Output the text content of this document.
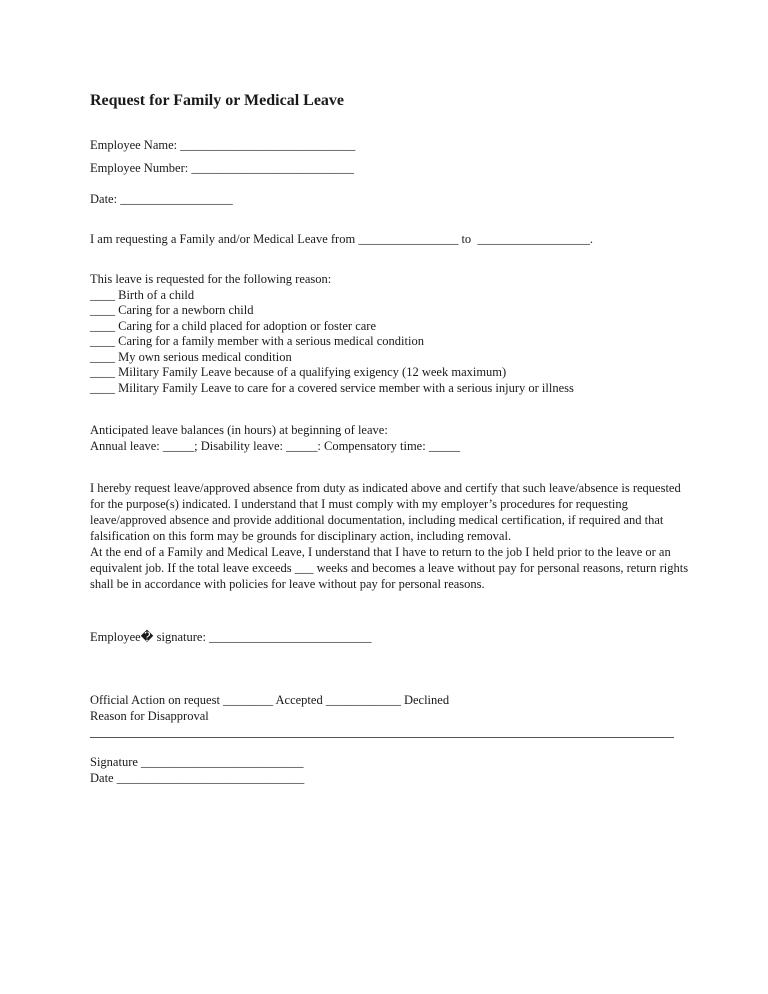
Request for Family or Medical Leave
Employee Name: ____________________________
Employee Number: __________________________
Date: __________________
I am requesting a Family and/or Medical Leave from ________________ to __________________.
This leave is requested for the following reason:
____ Birth of a child
____ Caring for a newborn child
____ Caring for a child placed for adoption or foster care
____ Caring for a family member with a serious medical condition
____ My own serious medical condition
____ Military Family Leave because of a qualifying exigency (12 week maximum)
____ Military Family Leave to care for a covered service member with a serious injury or illness
Anticipated leave balances (in hours) at beginning of leave:
Annual leave: _____; Disability leave: _____: Compensatory time: _____

I hereby request leave/approved absence from duty as indicated above and certify that such leave/absence is requested for the purpose(s) indicated. I understand that I must comply with my employer’s procedures for requesting leave/approved absence and provide additional documentation, including medical certification, if required and that falsification on this form may be grounds for disciplinary action, including removal.

At the end of a Family and Medical Leave, I understand that I have to return to the job I held prior to the leave or an equivalent job. If the total leave exceeds ___ weeks and becomes a leave without pay for personal reasons, return rights shall be in accordance with policies for leave without pay for personal reasons.

Employee� signature: __________________________
Official Action on request ________ Accepted ____________ Declined
Reason for Disapproval
Signature __________________________
Date ______________________________
